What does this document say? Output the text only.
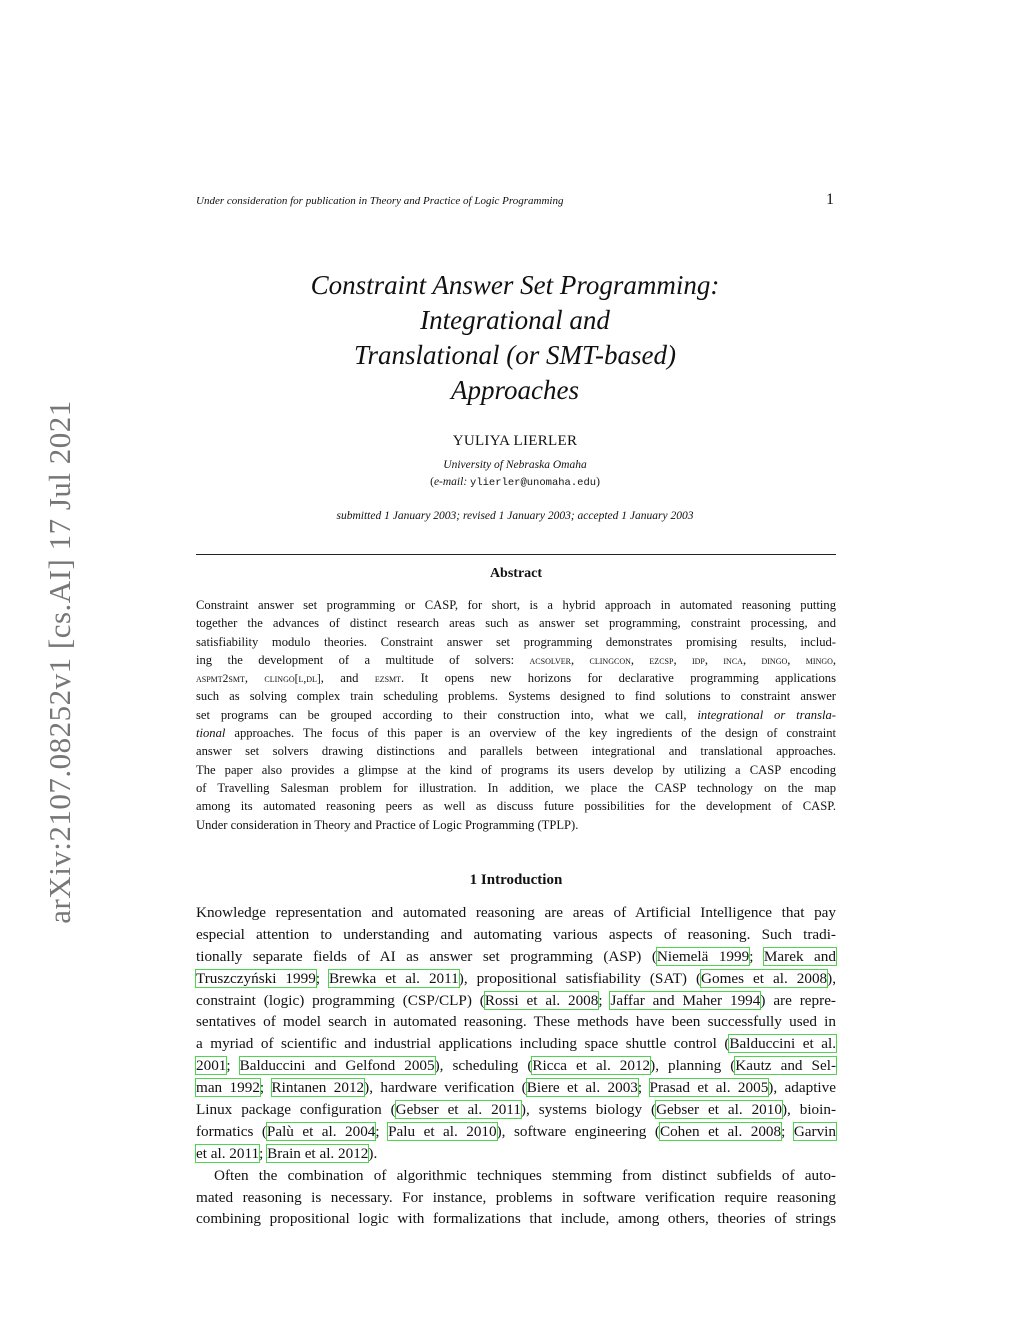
arXiv:2107.08252v1 [cs.AI] 17 Jul 2021
Under consideration for publication in Theory and Practice of Logic Programming	1
Constraint Answer Set Programming:
Integrational and
Translational (or SMT-based)
Approaches
YULIYA LIERLER
University of Nebraska Omaha
(e-mail: ylierler@unomaha.edu)
submitted 1 January 2003; revised 1 January 2003; accepted 1 January 2003
Abstract
Constraint answer set programming or CASP, for short, is a hybrid approach in automated reasoning putting
together the advances of distinct research areas such as answer set programming, constraint processing, and
satisfiability modulo theories. Constraint answer set programming demonstrates promising results, includ-
ing the development of a multitude of solvers: acsolver, clingcon, ezcsp, idp, inca, dingo, mingo,
aspmt2smt, clingo[l,dl], and ezsmt. It opens new horizons for declarative programming applications
such as solving complex train scheduling problems. Systems designed to find solutions to constraint answer
set programs can be grouped according to their construction into, what we call, integrational or transla-
tional approaches. The focus of this paper is an overview of the key ingredients of the design of constraint
answer set solvers drawing distinctions and parallels between integrational and translational approaches.
The paper also provides a glimpse at the kind of programs its users develop by utilizing a CASP encoding
of Travelling Salesman problem for illustration. In addition, we place the CASP technology on the map
among its automated reasoning peers as well as discuss future possibilities for the development of CASP.
Under consideration in Theory and Practice of Logic Programming (TPLP).
1 Introduction
Knowledge representation and automated reasoning are areas of Artificial Intelligence that pay
especial attention to understanding and automating various aspects of reasoning. Such tradi-
tionally separate fields of AI as answer set programming (ASP) (Niemelä 1999; Marek and
Truszczyński 1999; Brewka et al. 2011), propositional satisfiability (SAT) (Gomes et al. 2008),
constraint (logic) programming (CSP/CLP) (Rossi et al. 2008; Jaffar and Maher 1994) are repre-
sentatives of model search in automated reasoning. These methods have been successfully used in
a myriad of scientific and industrial applications including space shuttle control (Balduccini et al.
2001; Balduccini and Gelfond 2005), scheduling (Ricca et al. 2012), planning (Kautz and Sel-
man 1992; Rintanen 2012), hardware verification (Biere et al. 2003; Prasad et al. 2005), adaptive
Linux package configuration (Gebser et al. 2011), systems biology (Gebser et al. 2010), bioin-
formatics (Palù et al. 2004; Palu et al. 2010), software engineering (Cohen et al. 2008; Garvin
et al. 2011; Brain et al. 2012).
Often the combination of algorithmic techniques stemming from distinct subfields of auto-
mated reasoning is necessary. For instance, problems in software verification require reasoning
combining propositional logic with formalizations that include, among others, theories of strings
